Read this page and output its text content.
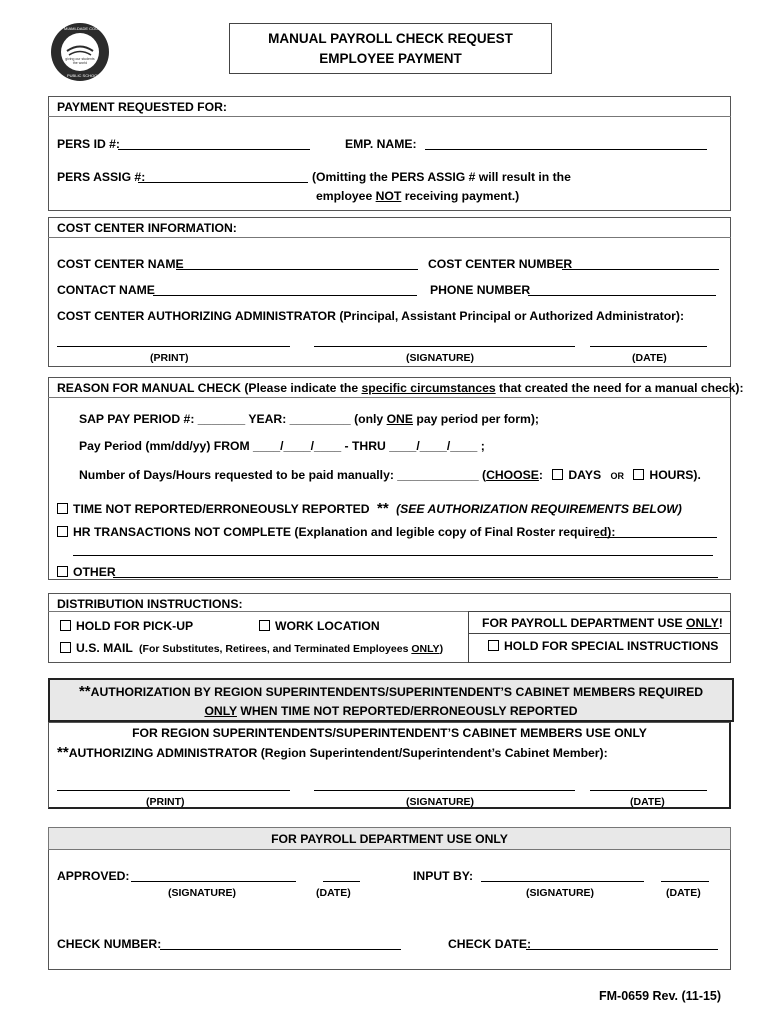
MIAMI-DADE COUNTY
giving our students the world
PUBLIC SCHOOLS
MANUAL PAYROLL CHECK REQUEST
EMPLOYEE PAYMENT
PAYMENT REQUESTED FOR:
PERS ID #:	EMP. NAME:
PERS ASSIG #:	(Omitting the PERS ASSIG # will result in the
employee NOT receiving payment.)
COST CENTER INFORMATION:
COST CENTER NAME	COST CENTER NUMBER
CONTACT NAME	PHONE NUMBER
COST CENTER AUTHORIZING ADMINISTRATOR (Principal, Assistant Principal or Authorized Administrator):
(PRINT)	(SIGNATURE)	(DATE)
REASON FOR MANUAL CHECK (Please indicate the specific circumstances that created the need for a manual check):
SAP PAY PERIOD #: _______ YEAR: _________ (only ONE pay period per form);
Pay Period (mm/dd/yy) FROM ____/____/____ - THRU ____/____/____ ;
Number of Days/Hours requested to be paid manually: ____________ (CHOOSE: DAYS OR HOURS).
TIME NOT REPORTED/ERRONEOUSLY REPORTED ** (SEE AUTHORIZATION REQUIREMENTS BELOW)
HR TRANSACTIONS NOT COMPLETE (Explanation and legible copy of Final Roster required):
OTHER
DISTRIBUTION INSTRUCTIONS:
HOLD FOR PICK-UP	WORK LOCATION
U.S. MAIL (For Substitutes, Retirees, and Terminated Employees ONLY)
FOR PAYROLL DEPARTMENT USE ONLY!
HOLD FOR SPECIAL INSTRUCTIONS
**AUTHORIZATION BY REGION SUPERINTENDENTS/SUPERINTENDENT’S CABINET MEMBERS REQUIRED
ONLY WHEN TIME NOT REPORTED/ERRONEOUSLY REPORTED
FOR REGION SUPERINTENDENTS/SUPERINTENDENT’S CABINET MEMBERS USE ONLY
**AUTHORIZING ADMINISTRATOR (Region Superintendent/Superintendent’s Cabinet Member):
(PRINT)	(SIGNATURE)	(DATE)
FOR PAYROLL DEPARTMENT USE ONLY
APPROVED:
(SIGNATURE)	(DATE)
INPUT BY:
(SIGNATURE)	(DATE)
CHECK NUMBER:	CHECK DATE:
FM-0659 Rev. (11-15)
